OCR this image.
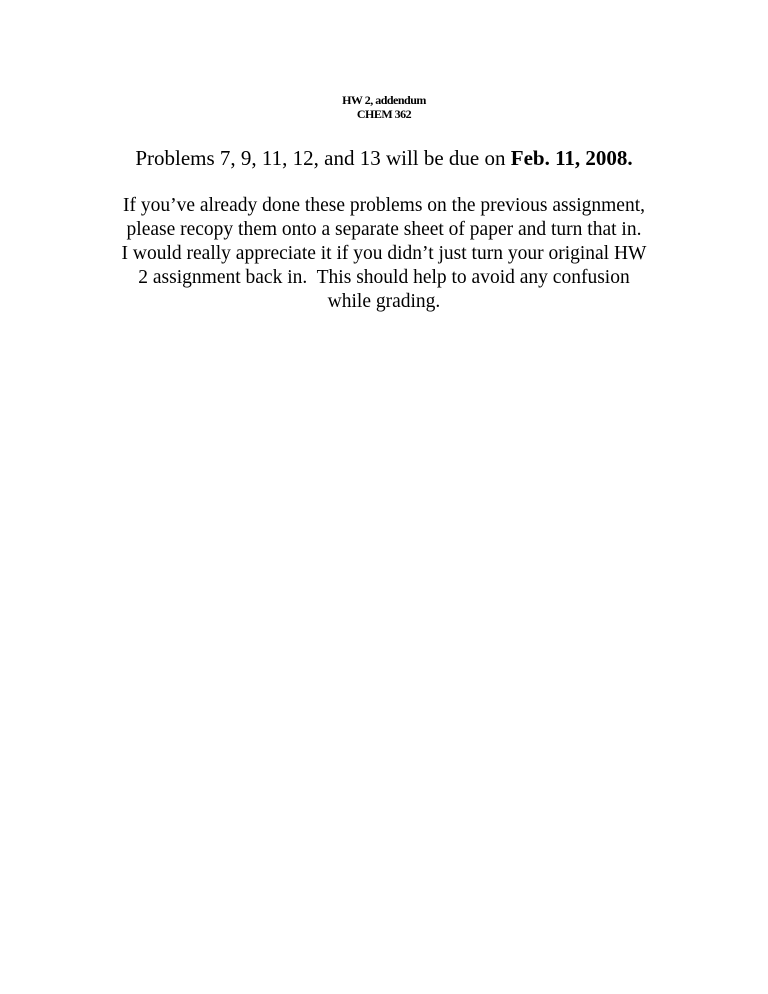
HW 2, addendum
CHEM 362
Problems 7, 9, 11, 12, and 13 will be due on Feb. 11, 2008.
If you’ve already done these problems on the previous assignment,
please recopy them onto a separate sheet of paper and turn that in.
I would really appreciate it if you didn’t just turn your original HW
2 assignment back in.  This should help to avoid any confusion
while grading.
